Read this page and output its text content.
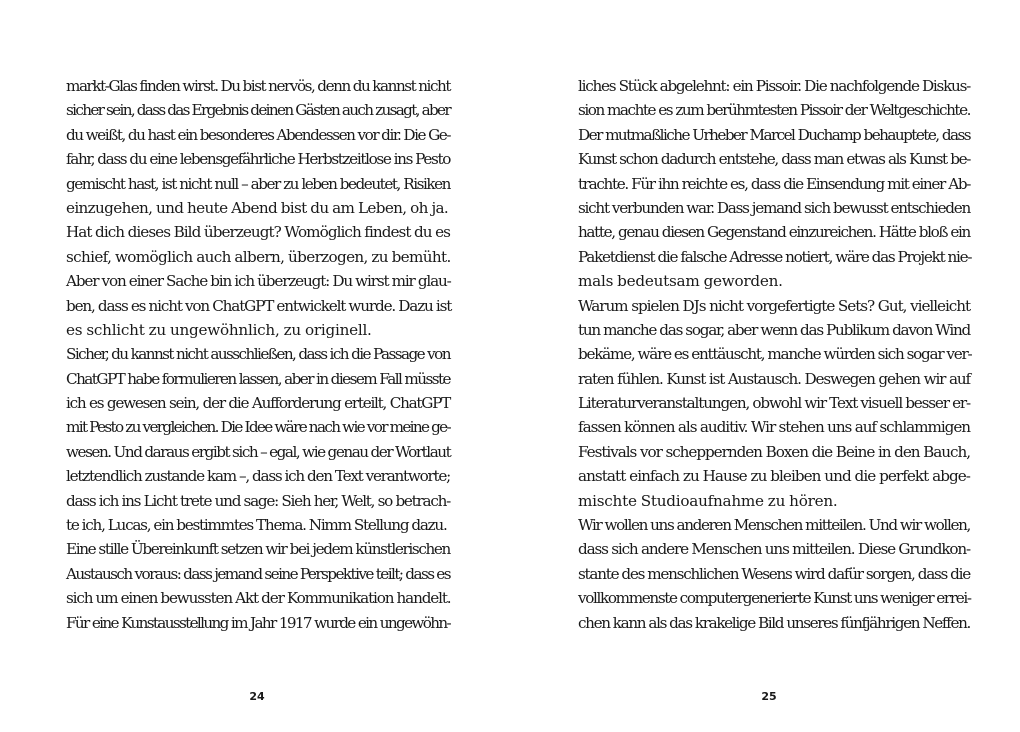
markt-Glas finden wirst. Du bist nervös, denn du kannst nicht
sicher sein, dass das Ergebnis deinen Gästen auch zusagt, aber
du weißt, du hast ein besonderes Abendessen vor dir. Die Ge-
fahr, dass du eine lebensgefährliche Herbstzeitlose ins Pesto
gemischt hast, ist nicht null – aber zu leben bedeutet, Risiken
einzugehen, und heute Abend bist du am Leben, oh ja.
Hat dich dieses Bild überzeugt? Womöglich findest du es
schief, womöglich auch albern, überzogen, zu bemüht.
Aber von einer Sache bin ich überzeugt: Du wirst mir glau-
ben, dass es nicht von ChatGPT entwickelt wurde. Dazu ist
es schlicht zu ungewöhnlich, zu originell.
Sicher, du kannst nicht ausschließen, dass ich die Passage von
ChatGPT habe formulieren lassen, aber in diesem Fall müsste
ich es gewesen sein, der die Aufforderung erteilt, ChatGPT
mit Pesto zu vergleichen. Die Idee wäre nach wie vor meine ge-
wesen. Und daraus ergibt sich – egal, wie genau der Wortlaut
letztendlich zustande kam –, dass ich den Text verantworte;
dass ich ins Licht trete und sage: Sieh her, Welt, so betrach-
te ich, Lucas, ein bestimmtes Thema. Nimm Stellung dazu.
Eine stille Übereinkunft setzen wir bei jedem künstlerischen
Austausch voraus: dass jemand seine Perspektive teilt; dass es
sich um einen bewussten Akt der Kommunikation handelt.
Für eine Kunstausstellung im Jahr 1917 wurde ein ungewöhn-
24
liches Stück abgelehnt: ein Pissoir. Die nachfolgende Diskus-
sion machte es zum berühmtesten Pissoir der Weltgeschichte.
Der mutmaßliche Urheber Marcel Duchamp behauptete, dass
Kunst schon dadurch entstehe, dass man etwas als Kunst be-
trachte. Für ihn reichte es, dass die Einsendung mit einer Ab-
sicht verbunden war. Dass jemand sich bewusst entschieden
hatte, genau diesen Gegenstand einzureichen. Hätte bloß ein
Paketdienst die falsche Adresse notiert, wäre das Projekt nie-
mals bedeutsam geworden.
Warum spielen DJs nicht vorgefertigte Sets? Gut, vielleicht
tun manche das sogar, aber wenn das Publikum davon Wind
bekäme, wäre es enttäuscht, manche würden sich sogar ver-
raten fühlen. Kunst ist Austausch. Deswegen gehen wir auf
Literaturveranstaltungen, obwohl wir Text visuell besser er-
fassen können als auditiv. Wir stehen uns auf schlammigen
Festivals vor scheppernden Boxen die Beine in den Bauch,
anstatt einfach zu Hause zu bleiben und die perfekt abge-
mischte Studioaufnahme zu hören.
Wir wollen uns anderen Menschen mitteilen. Und wir wollen,
dass sich andere Menschen uns mitteilen. Diese Grundkon-
stante des menschlichen Wesens wird dafür sorgen, dass die
vollkommenste computergenerierte Kunst uns weniger errei-
chen kann als das krakelige Bild unseres fünfjährigen Neffen.
25
